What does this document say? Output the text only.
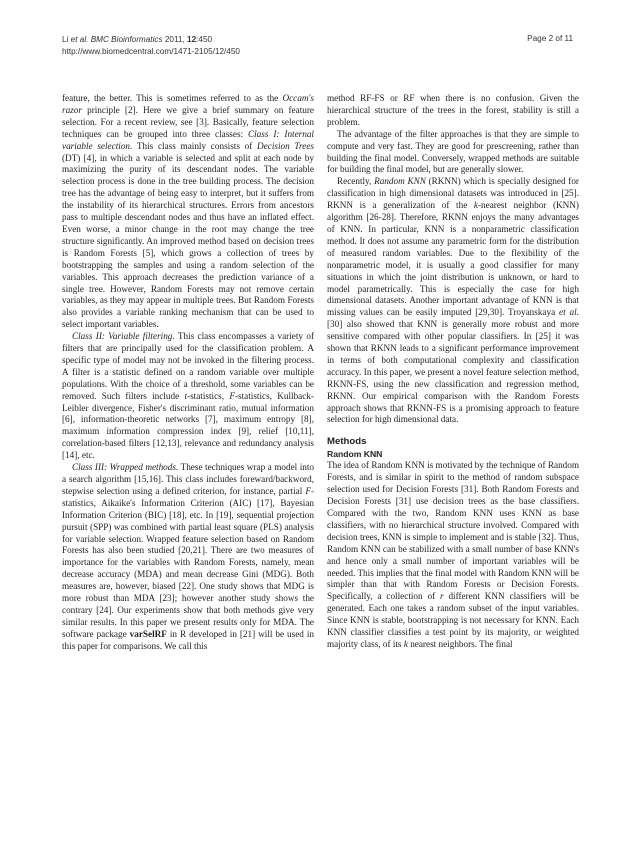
Li et al. BMC Bioinformatics 2011, 12:450
http://www.biomedcentral.com/1471-2105/12/450
Page 2 of 11

feature, the better. This is sometimes referred to as the Occam's razor principle [2]. Here we give a brief summary on feature selection. For a recent review, see [3]. Basically, feature selection techniques can be grouped into three classes: Class I: Internal variable selection. This class mainly consists of Decision Trees (DT) [4], in which a variable is selected and split at each node by maximizing the purity of its descendant nodes. The variable selection process is done in the tree building process. The decision tree has the advantage of being easy to interpret, but it suffers from the instability of its hierarchical structures. Errors from ancestors pass to multiple descendant nodes and thus have an inflated effect. Even worse, a minor change in the root may change the tree structure significantly. An improved method based on decision trees is Random Forests [5], which grows a collection of trees by bootstrapping the samples and using a random selection of the variables. This approach decreases the prediction variance of a single tree. However, Random Forests may not remove certain variables, as they may appear in multiple trees. But Random Forests also provides a variable ranking mechanism that can be used to select important variables.

Class II: Variable filtering. This class encompasses a variety of filters that are principally used for the classification problem. A specific type of model may not be invoked in the filtering process. A filter is a statistic defined on a random variable over multiple populations. With the choice of a threshold, some variables can be removed. Such filters include t-statistics, F-statistics, Kullback-Leibler divergence, Fisher's discriminant ratio, mutual information [6], information-theoretic networks [7], maximum entropy [8], maximum information compression index [9], relief [10,11], correlation-based filters [12,13], relevance and redundancy analysis [14], etc.

Class III: Wrapped methods. These techniques wrap a model into a search algorithm [15,16]. This class includes foreward/backword, stepwise selection using a defined criterion, for instance, partial F-statistics, Aikaike's Information Criterion (AIC) [17], Bayesian Information Criterion (BIC) [18], etc. In [19], sequential projection pursuit (SPP) was combined with partial least square (PLS) analysis for variable selection. Wrapped feature selection based on Random Forests has also been studied [20,21]. There are two measures of importance for the variables with Random Forests, namely, mean decrease accuracy (MDA) and mean decrease Gini (MDG). Both measures are, however, biased [22]. One study shows that MDG is more robust than MDA [23]; however another study shows the contrary [24]. Our experiments show that both methods give very similar results. In this paper we present results only for MDA. The software package varSelRF in R developed in [21] will be used in this paper for comparisons. We call this

method RF-FS or RF when there is no confusion. Given the hierarchical structure of the trees in the forest, stability is still a problem.

The advantage of the filter approaches is that they are simple to compute and very fast. They are good for prescreening, rather than building the final model. Conversely, wrapped methods are suitable for building the final model, but are generally slower.

Recently, Random KNN (RKNN) which is specially designed for classification in high dimensional datasets was introduced in [25]. RKNN is a generalization of the k-nearest neighbor (KNN) algorithm [26-28]. Therefore, RKNN enjoys the many advantages of KNN. In particular, KNN is a nonparametric classification method. It does not assume any parametric form for the distribution of measured random variables. Due to the flexibility of the nonparametric model, it is usually a good classifier for many situations in which the joint distribution is unknown, or hard to model parametrically. This is especially the case for high dimensional datasets. Another important advantage of KNN is that missing values can be easily imputed [29,30]. Troyanskaya et al. [30] also showed that KNN is generally more robust and more sensitive compared with other popular classifiers. In [25] it was shown that RKNN leads to a significant performance improvement in terms of both computational complexity and classification accuracy. In this paper, we present a novel feature selection method, RKNN-FS, using the new classification and regression method, RKNN. Our empirical comparison with the Random Forests approach shows that RKNN-FS is a promising approach to feature selection for high dimensional data.

Methods
Random KNN

The idea of Random KNN is motivated by the technique of Random Forests, and is similar in spirit to the method of random subspace selection used for Decision Forests [31]. Both Random Forests and Decision Forests [31] use decision trees as the base classifiers. Compared with the two, Random KNN uses KNN as base classifiers, with no hierarchical structure involved. Compared with decision trees, KNN is simple to implement and is stable [32]. Thus, Random KNN can be stabilized with a small number of base KNN's and hence only a small number of important variables will be needed. This implies that the final model with Random KNN will be simpler than that with Random Forests or Decision Forests. Specifically, a collection of r different KNN classifiers will be generated. Each one takes a random subset of the input variables. Since KNN is stable, bootstrapping is not necessary for KNN. Each KNN classifier classifies a test point by its majority, or weighted majority class, of its k nearest neighbors. The final
